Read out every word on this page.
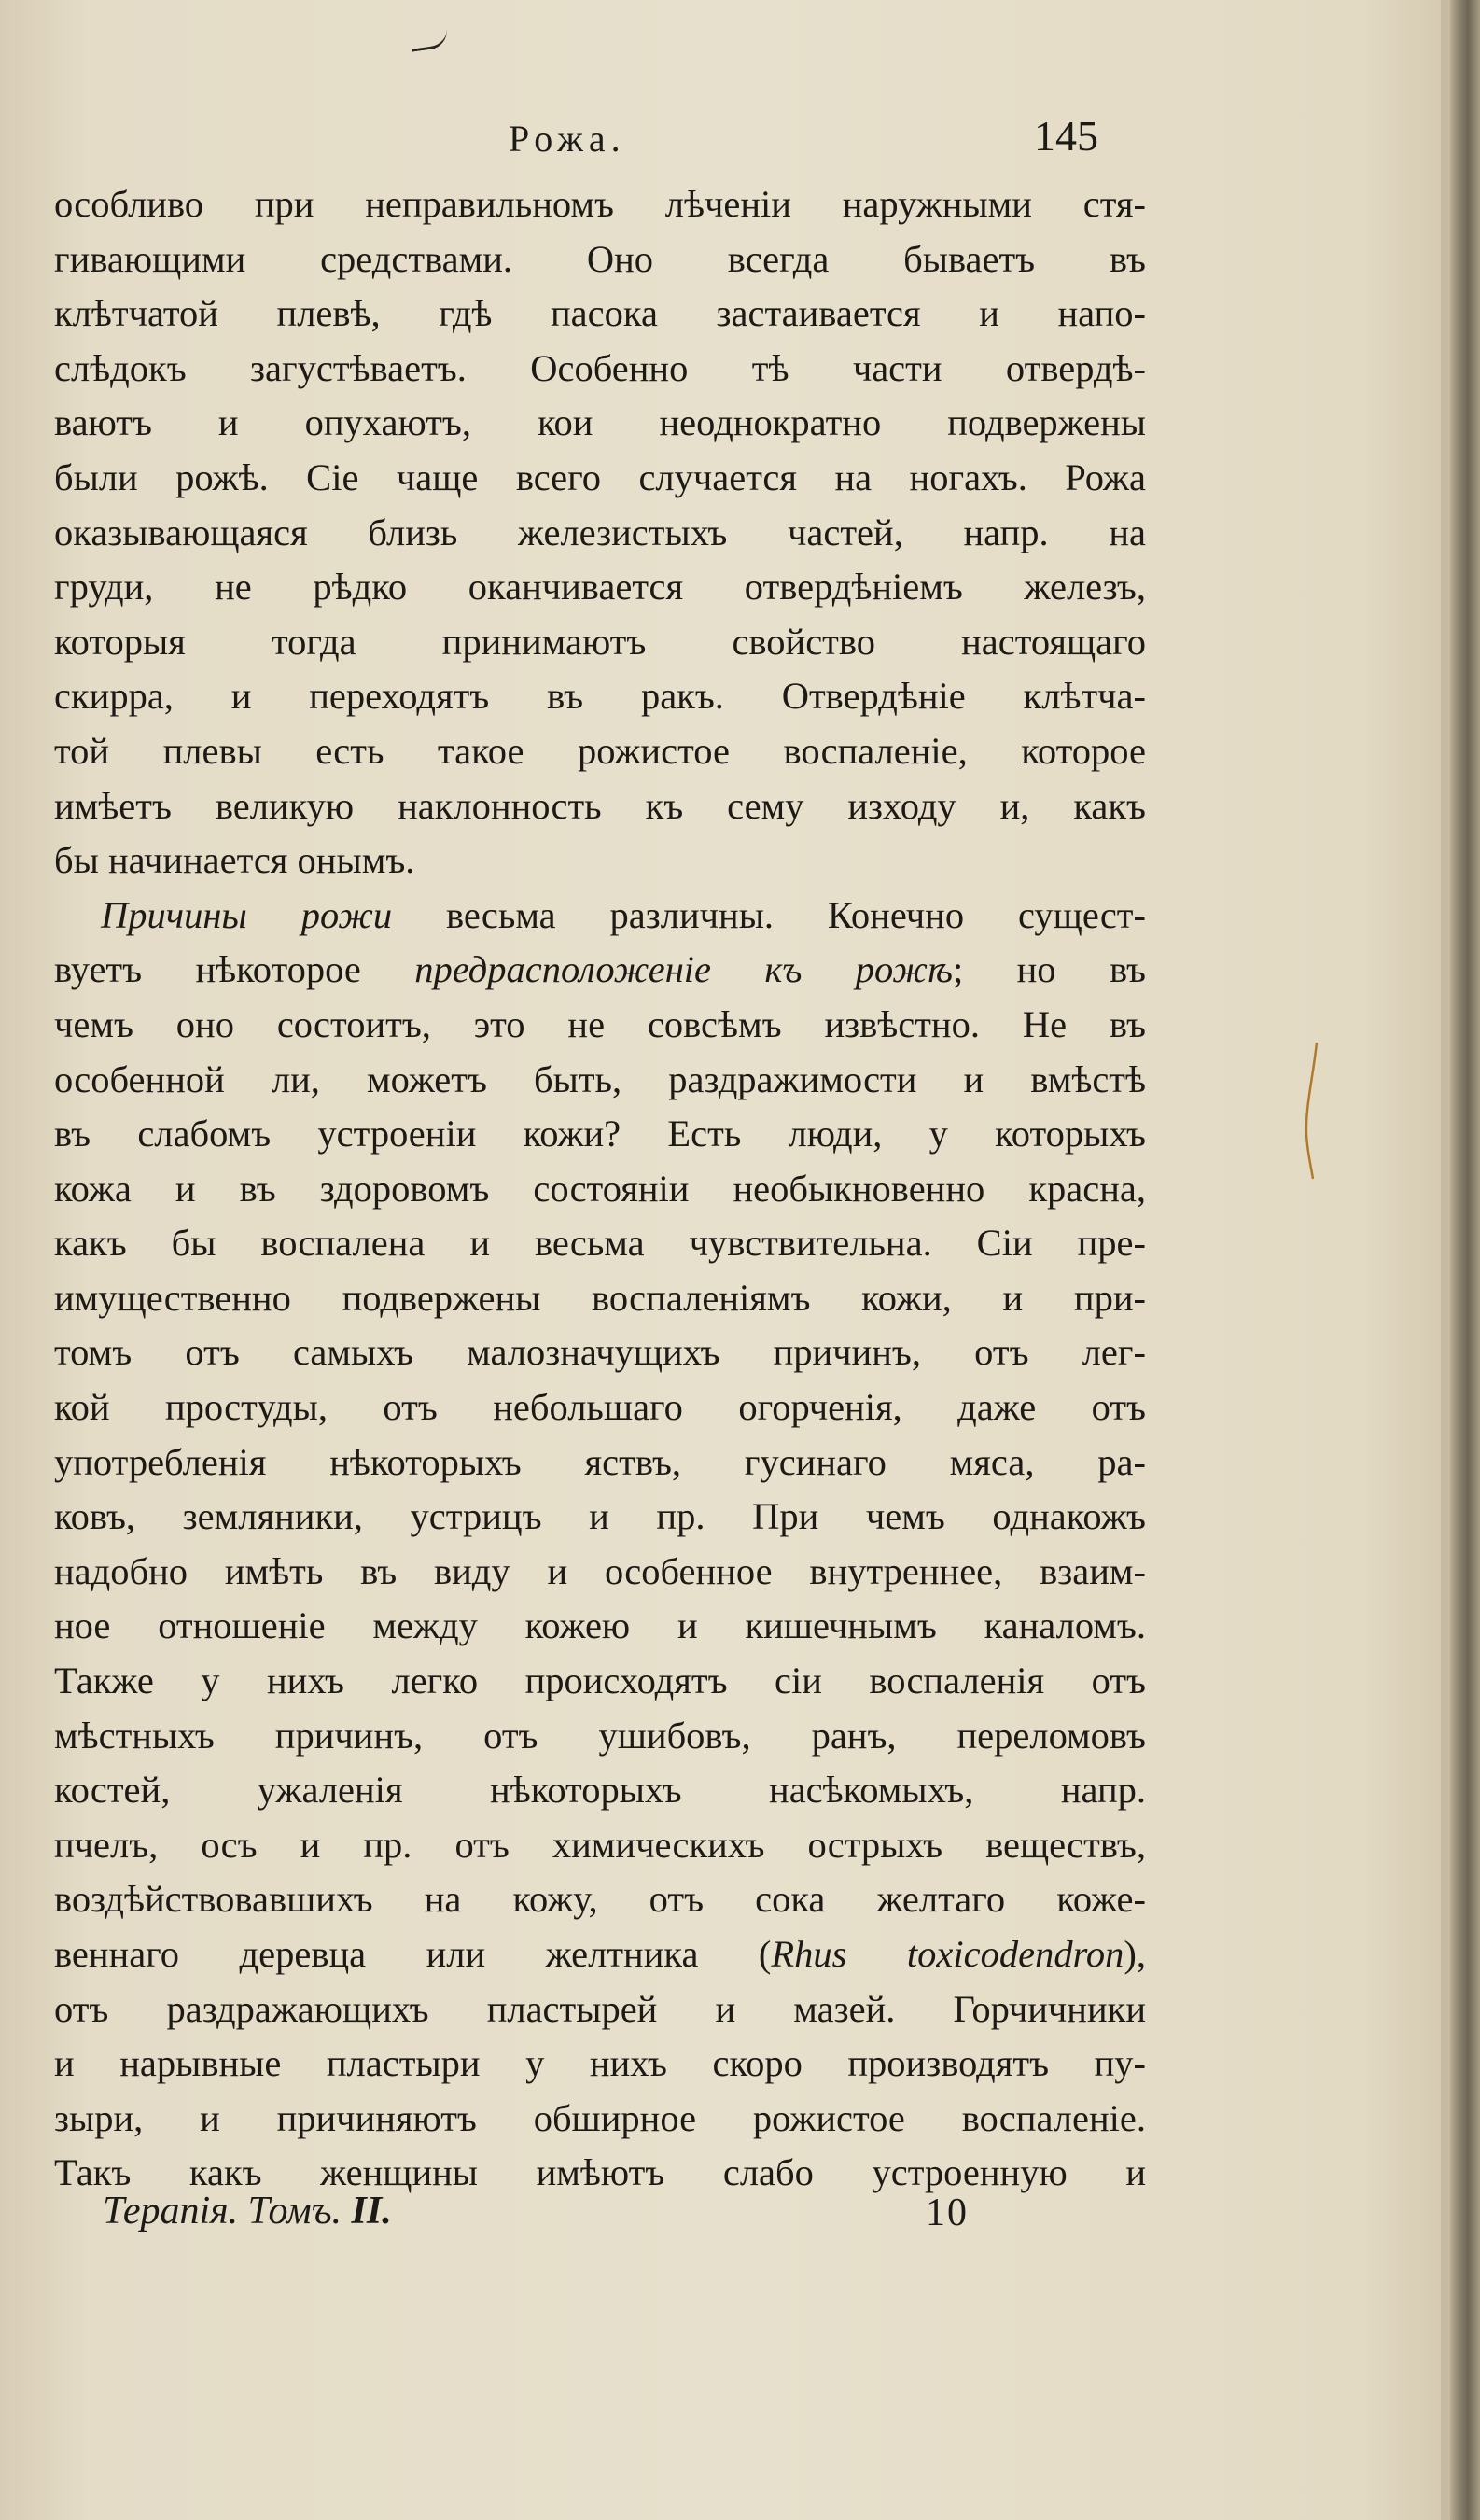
Рожа.	145
особливо при неправильномъ лѣченіи наружными стя-
гивающими средствами. Оно всегда бываетъ въ
клѣтчатой плевѣ, гдѣ пасока застаивается и напо-
слѣдокъ загустѣваетъ. Особенно тѣ части отвердѣ-
ваютъ и опухаютъ, кои неоднократно подвержены
были рожѣ. Сіе чаще всего случается на ногахъ. Рожа
оказывающаяся близь железистыхъ частей, напр. на
груди, не рѣдко оканчивается отвердѣніемъ железъ,
которыя тогда принимаютъ свойство настоящаго
скирра, и переходятъ въ ракъ. Отвердѣніе клѣтча-
той плевы есть такое рожистое воспаленіе, которое
имѣетъ великую наклонность къ сему изходу и, какъ
бы начинается онымъ.
Причины рожи весьма различны. Конечно сущест-
вуетъ нѣкоторое предрасположеніе къ рожѣ; но въ
чемъ оно состоитъ, это не совсѣмъ извѣстно. Не въ
особенной ли, можетъ быть, раздражимости и вмѣстѣ
въ слабомъ устроеніи кожи? Есть люди, у которыхъ
кожа и въ здоровомъ состояніи необыкновенно красна,
какъ бы воспалена и весьма чувствительна. Сіи пре-
имущественно подвержены воспаленіямъ кожи, и при-
томъ отъ самыхъ малозначущихъ причинъ, отъ лег-
кой простуды, отъ небольшаго огорченія, даже отъ
употребленія нѣкоторыхъ яствъ, гусинаго мяса, ра-
ковъ, земляники, устрицъ и пр. При чемъ однакожъ
надобно имѣть въ виду и особенное внутреннее, взаим-
ное отношеніе между кожею и кишечнымъ каналомъ.
Также у нихъ легко происходятъ сіи воспаленія отъ
мѣстныхъ причинъ, отъ ушибовъ, ранъ, переломовъ
костей, ужаленія нѣкоторыхъ насѣкомыхъ, напр.
пчелъ, осъ и пр. отъ химическихъ острыхъ веществъ,
воздѣйствовавшихъ на кожу, отъ сока желтаго коже-
веннаго деревца или желтника (Rhus toxicodendron),
отъ раздражающихъ пластырей и мазей. Горчичники
и нарывные пластыри у нихъ скоро производятъ пу-
зыри, и причиняютъ обширное рожистое воспаленіе.
Такъ какъ женщины имѣютъ слабо устроенную и
Терапія. Томъ. II.	10
